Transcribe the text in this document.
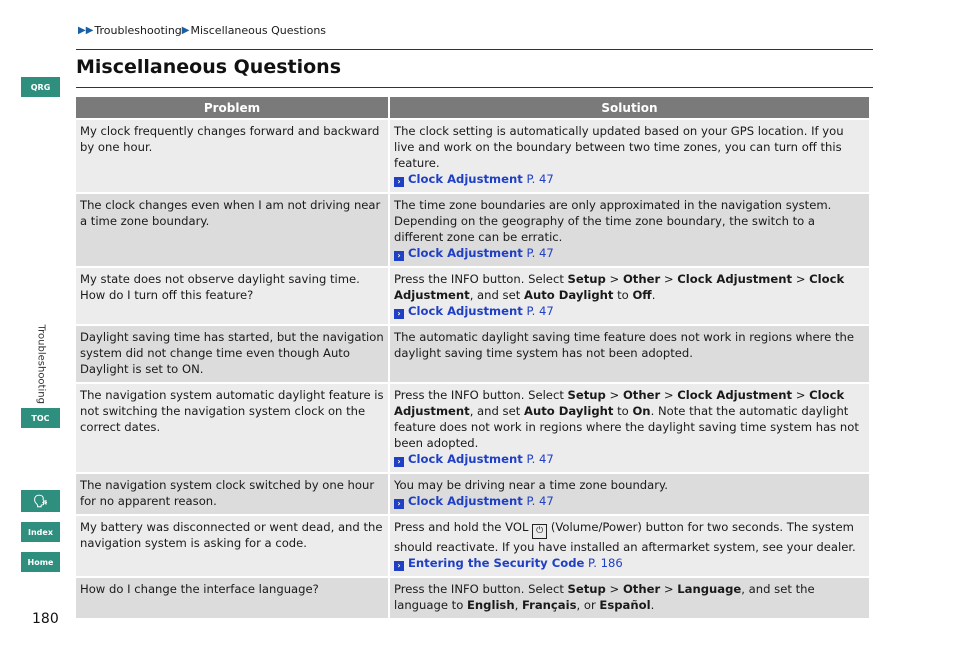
▶▶ Troubleshooting ▶ Miscellaneous Questions
Miscellaneous Questions
QRG
Troubleshooting
TOC
🗣
Index
Home
180
Problem	Solution
My clock frequently changes forward and backward by one hour.	The clock setting is automatically updated based on your GPS location. If you live and work on the boundary between two time zones, you can turn off this feature.
› Clock Adjustment P. 47
The clock changes even when I am not driving near a time zone boundary.	The time zone boundaries are only approximated in the navigation system. Depending on the geography of the time zone boundary, the switch to a different zone can be erratic.
› Clock Adjustment P. 47
My state does not observe daylight saving time. How do I turn off this feature?	Press the INFO button. Select Setup > Other > Clock Adjustment > Clock Adjustment, and set Auto Daylight to Off.
› Clock Adjustment P. 47
Daylight saving time has started, but the navigation system did not change time even though Auto Daylight is set to ON.	The automatic daylight saving time feature does not work in regions where the daylight saving time system has not been adopted.
The navigation system automatic daylight feature is not switching the navigation system clock on the correct dates.	Press the INFO button. Select Setup > Other > Clock Adjustment > Clock Adjustment, and set Auto Daylight to On. Note that the automatic daylight feature does not work in regions where the daylight saving time system has not been adopted.
› Clock Adjustment P. 47
The navigation system clock switched by one hour for no apparent reason.	You may be driving near a time zone boundary.
› Clock Adjustment P. 47
My battery was disconnected or went dead, and the navigation system is asking for a code.	Press and hold the VOL ⏻ (Volume/Power) button for two seconds. The system should reactivate. If you have installed an aftermarket system, see your dealer.
› Entering the Security Code P. 186
How do I change the interface language?	Press the INFO button. Select Setup > Other > Language, and set the language to English, Français, or Español.
